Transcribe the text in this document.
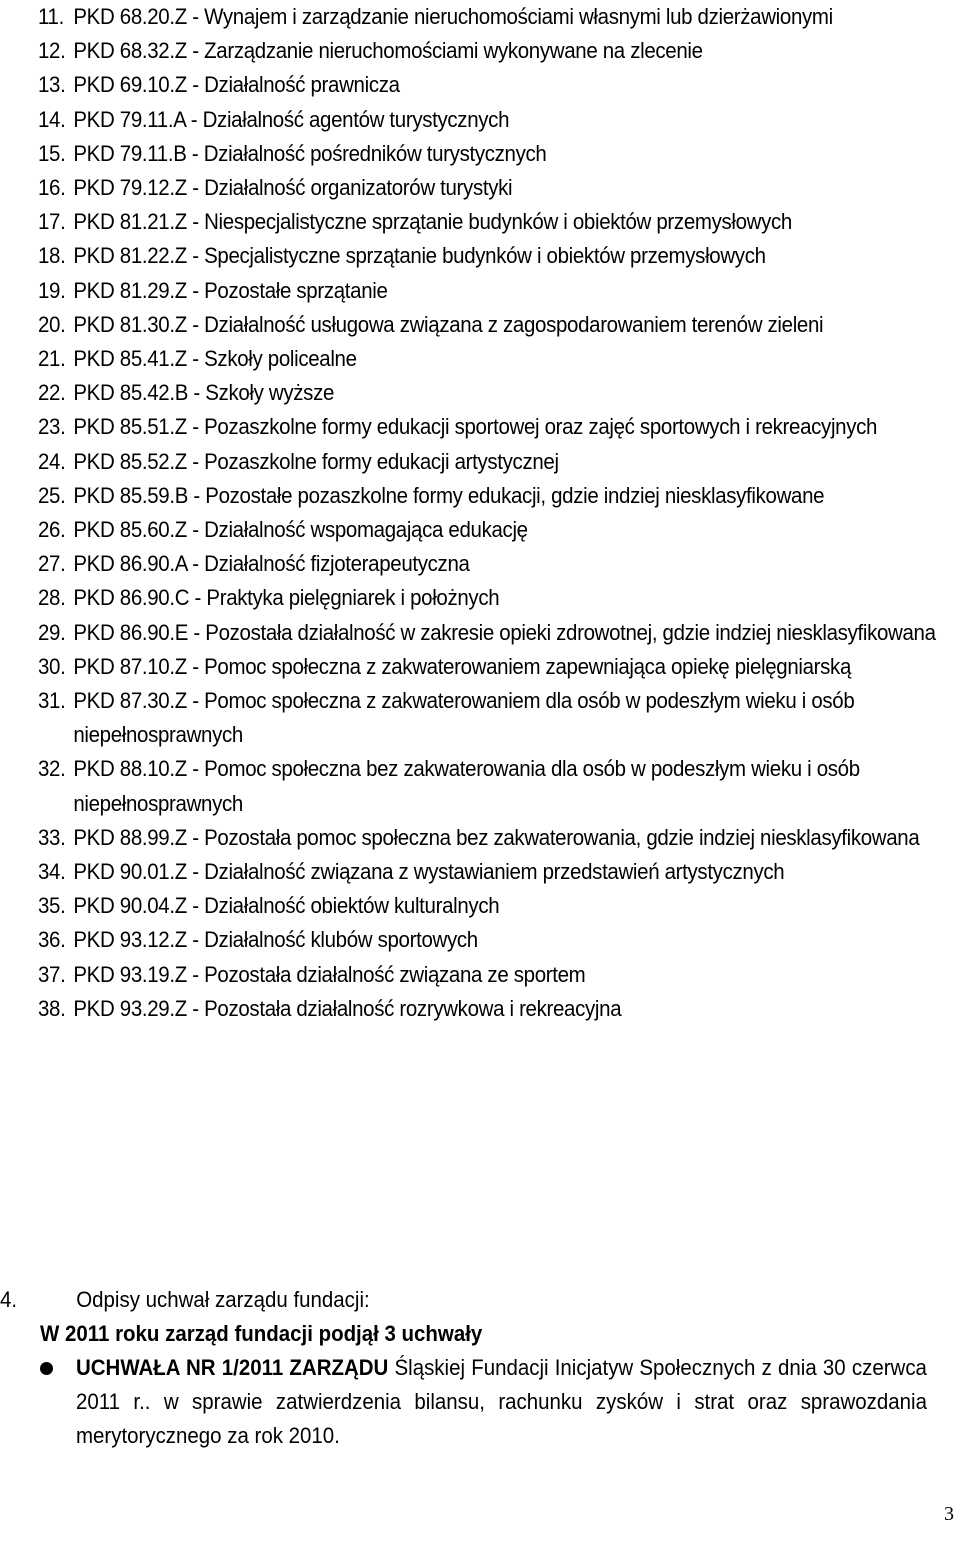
11. PKD 68.20.Z - Wynajem i zarządzanie nieruchomościami własnymi lub dzierżawionymi
12. PKD 68.32.Z - Zarządzanie nieruchomościami wykonywane na zlecenie
13. PKD 69.10.Z - Działalność prawnicza
14. PKD 79.11.A - Działalność agentów turystycznych
15. PKD 79.11.B - Działalność pośredników turystycznych
16. PKD 79.12.Z - Działalność organizatorów turystyki
17. PKD 81.21.Z - Niespecjalistyczne sprzątanie budynków i obiektów przemysłowych
18. PKD 81.22.Z - Specjalistyczne sprzątanie budynków i obiektów przemysłowych
19. PKD 81.29.Z - Pozostałe sprzątanie
20. PKD 81.30.Z - Działalność usługowa związana z zagospodarowaniem terenów zieleni
21. PKD 85.41.Z - Szkoły policealne
22. PKD 85.42.B - Szkoły wyższe
23. PKD 85.51.Z - Pozaszkolne formy edukacji sportowej oraz zajęć sportowych i rekreacyjnych
24. PKD 85.52.Z - Pozaszkolne formy edukacji artystycznej
25. PKD 85.59.B - Pozostałe pozaszkolne formy edukacji, gdzie indziej niesklasyfikowane
26. PKD 85.60.Z - Działalność wspomagająca edukację
27. PKD 86.90.A - Działalność fizjoterapeutyczna
28. PKD 86.90.C - Praktyka pielęgniarek i położnych
29. PKD 86.90.E - Pozostała działalność w zakresie opieki zdrowotnej, gdzie indziej niesklasyfikowana
30. PKD 87.10.Z - Pomoc społeczna z zakwaterowaniem zapewniająca opiekę pielęgniarską
31. PKD 87.30.Z - Pomoc społeczna z zakwaterowaniem dla osób w podeszłym wieku i osób niepełnosprawnych
32. PKD 88.10.Z - Pomoc społeczna bez zakwaterowania dla osób w podeszłym wieku i osób niepełnosprawnych
33. PKD 88.99.Z - Pozostała pomoc społeczna bez zakwaterowania, gdzie indziej niesklasyfikowana
34. PKD 90.01.Z - Działalność związana z wystawianiem przedstawień artystycznych
35. PKD 90.04.Z - Działalność obiektów kulturalnych
36. PKD 93.12.Z - Działalność klubów sportowych
37. PKD 93.19.Z - Pozostała działalność związana ze sportem
38. PKD 93.29.Z - Pozostała działalność rozrywkowa i rekreacyjna
4.	Odpisy uchwał zarządu fundacji:
W 2011 roku zarząd fundacji podjął 3 uchwały
UCHWAŁA NR 1/2011 ZARZĄDU Śląskiej Fundacji Inicjatyw Społecznych z dnia 30 czerwca 2011 r.. w sprawie zatwierdzenia bilansu, rachunku zysków i strat oraz sprawozdania merytorycznego za rok 2010.
3
